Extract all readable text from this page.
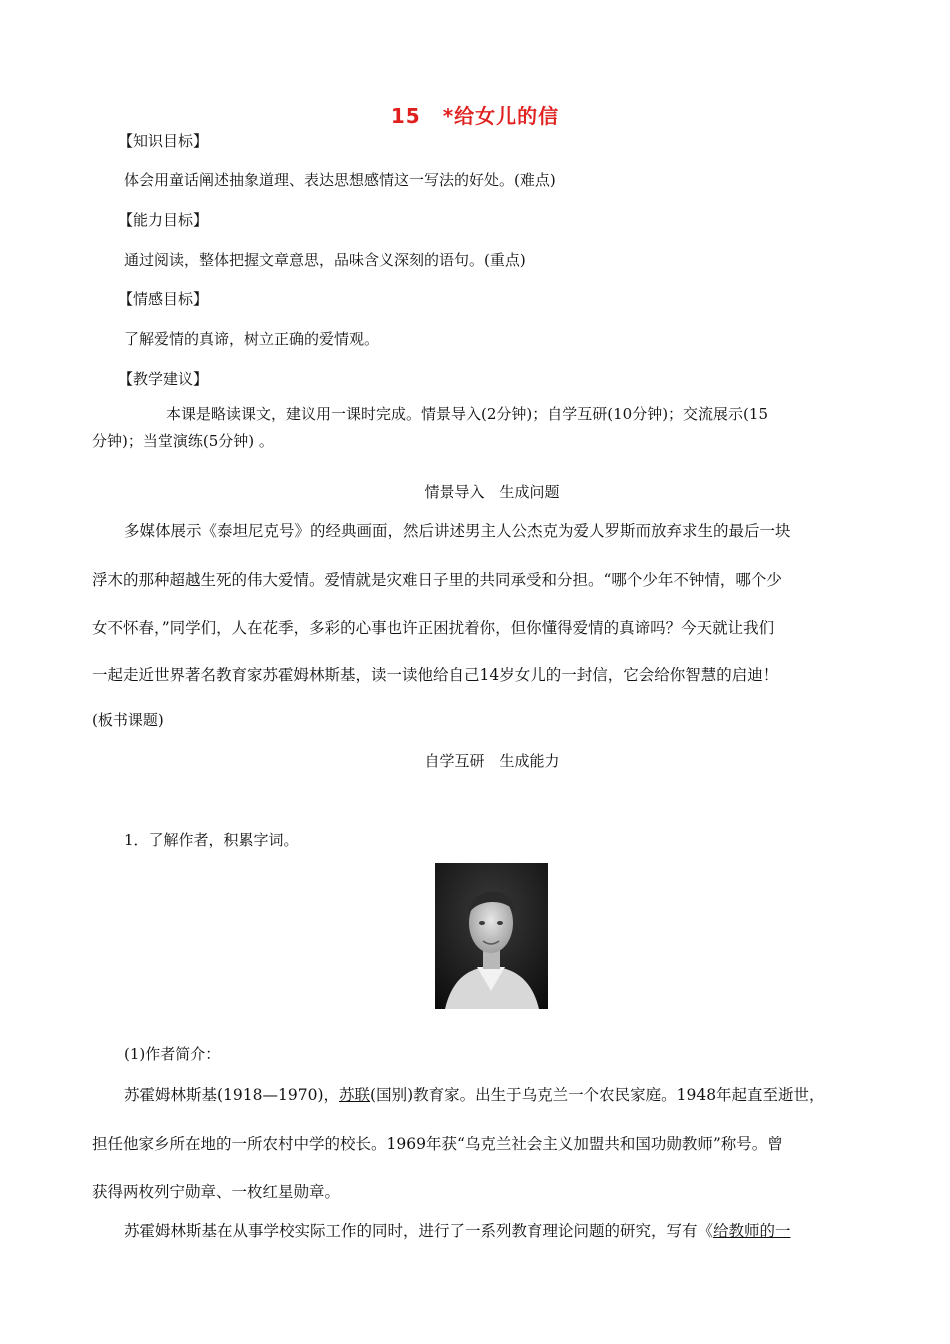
15 *给女儿的信
【知识目标】
体会用童话阐述抽象道理、表达思想感情这一写法的好处。(难点)
【能力目标】
通过阅读，整体把握文章意思，品味含义深刻的语句。(重点)
【情感目标】
了解爱情的真谛，树立正确的爱情观。
【教学建议】
本课是略读课文，建议用一课时完成。情景导入(2分钟)；自学互研(10分钟)；交流展示(15
分钟)；当堂演练(5分钟) 。
情景导入　生成问题
多媒体展示《泰坦尼克号》的经典画面，然后讲述男主人公杰克为爱人罗斯而放弃求生的最后一块
浮木的那种超越生死的伟大爱情。爱情就是灾难日子里的共同承受和分担。“哪个少年不钟情，哪个少
女不怀春，”同学们，人在花季，多彩的心事也许正困扰着你，但你懂得爱情的真谛吗？今天就让我们
一起走近世界著名教育家苏霍姆林斯基，读一读他给自己14岁女儿的一封信，它会给你智慧的启迪！
(板书课题)
自学互研　生成能力
1．了解作者，积累字词。
(1)作者简介：
苏霍姆林斯基(1918—1970)，苏联(国别)教育家。出生于乌克兰一个农民家庭。1948年起直至逝世，
担任他家乡所在地的一所农村中学的校长。1969年获“乌克兰社会主义加盟共和国功勋教师”称号。曾
获得两枚列宁勋章、一枚红星勋章。
苏霍姆林斯基在从事学校实际工作的同时，进行了一系列教育理论问题的研究，写有《给教师的一
